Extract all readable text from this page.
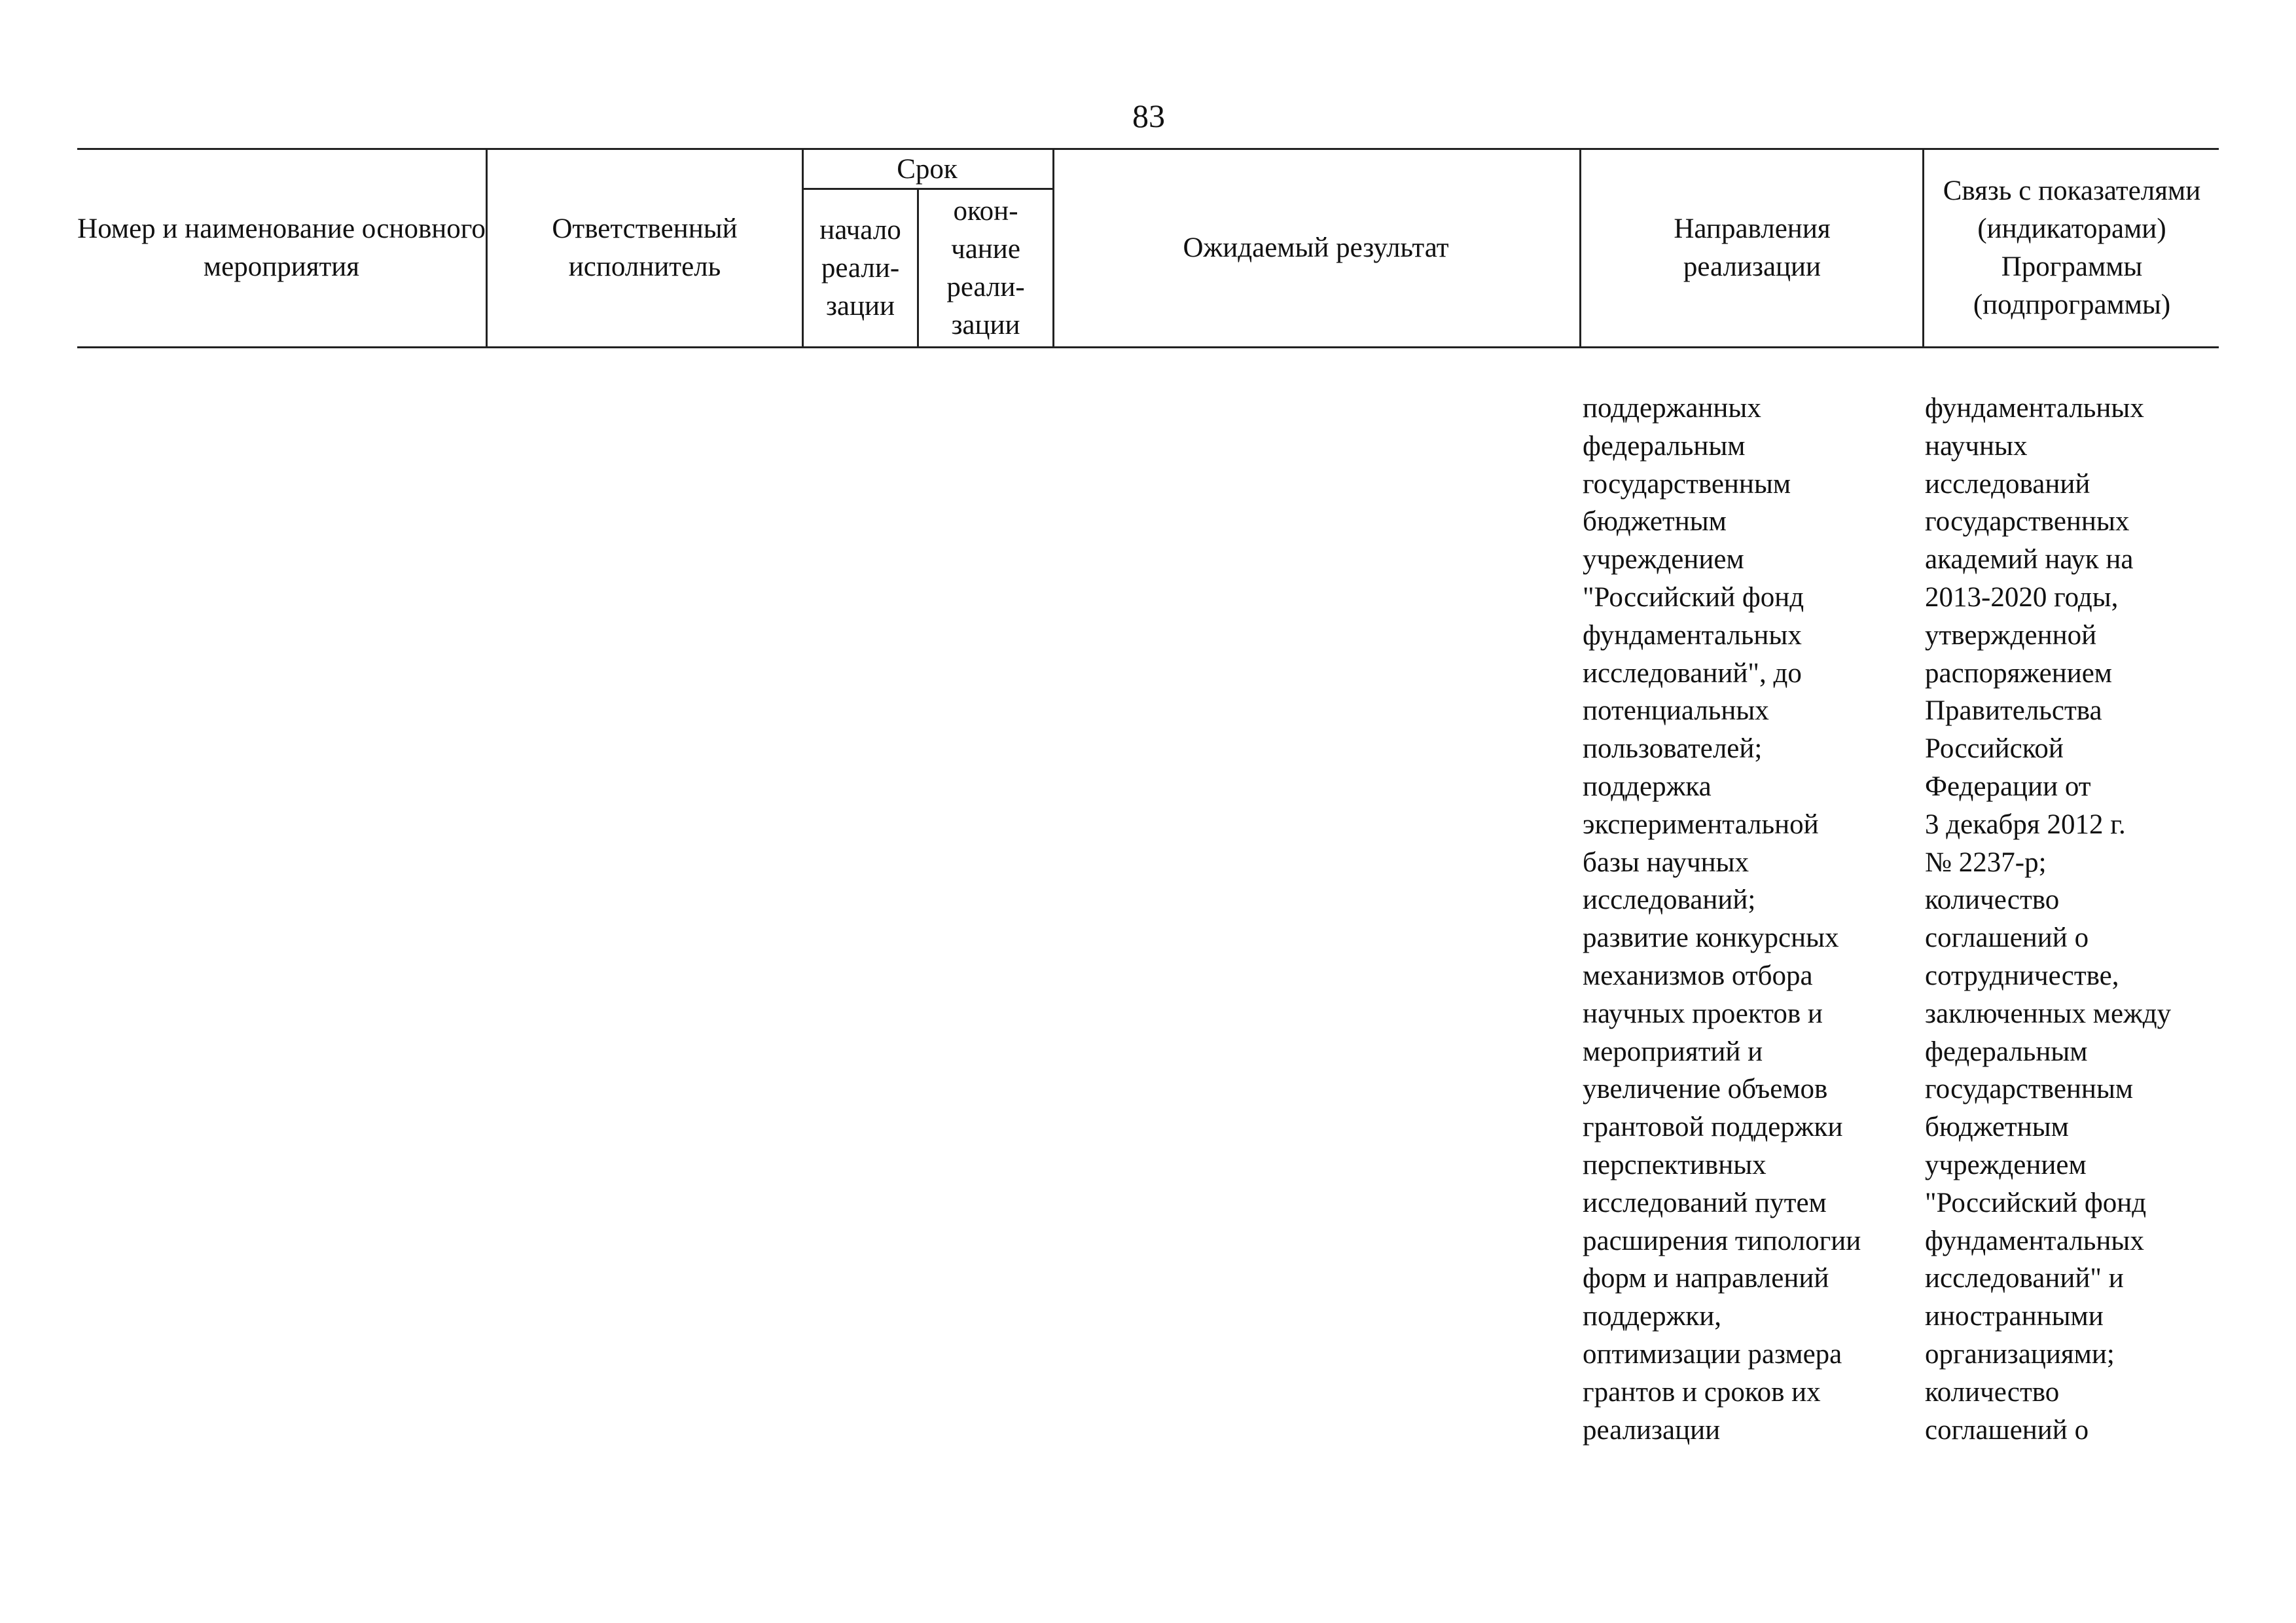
83
Номер и наименование основного мероприятия
Ответственный исполнитель
Срок
начало реали-зации
окон-чание реали-зации
Ожидаемый результат
Направления реализации
Связь с показателями (индикаторами) Программы (подпрограммы)
поддержанных
федеральным
государственным
бюджетным
учреждением
"Российский фонд
фундаментальных
исследований", до
потенциальных
пользователей;
поддержка
экспериментальной
базы научных
исследований;
развитие конкурсных
механизмов отбора
научных проектов и
мероприятий и
увеличение объемов
грантовой поддержки
перспективных
исследований путем
расширения типологии
форм и направлений
поддержки,
оптимизации размера
грантов и сроков их
реализации
фундаментальных
научных
исследований
государственных
академий наук на
2013-2020 годы,
утвержденной
распоряжением
Правительства
Российской
Федерации от
3 декабря 2012 г.
№ 2237-р;
количество
соглашений о
сотрудничестве,
заключенных между
федеральным
государственным
бюджетным
учреждением
"Российский фонд
фундаментальных
исследований" и
иностранными
организациями;
количество
соглашений о
